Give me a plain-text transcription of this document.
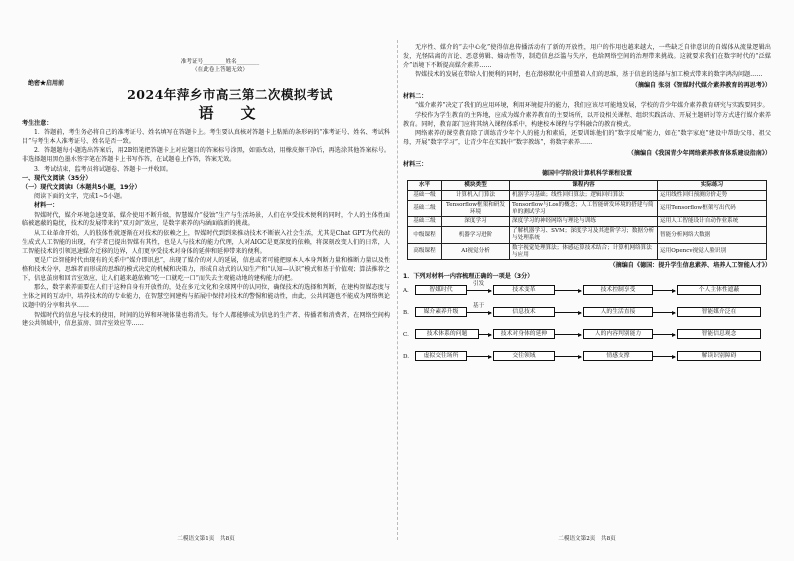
准考证号________姓名________
（在此卷上答题无效）
绝密★启用前
2024年萍乡市高三第二次模拟考试
语　文
考生注意：
1．答题前，考生务必将自己的准考证号、姓名填写在答题卡上。考生要认真核对答题卡上粘贴的条形码的“准考证号、姓名、考试科目”与考生本人准考证号、姓名是否一致。
2．答题题每小题选出答案后，用2B铅笔把答题卡上对应题目的答案标号涂黑，如需改动，用橡皮擦干净后，再选涂其他答案标号。非选择题用黑色墨水签字笔在答题卡上书写作答，在试题卷上作答，答案无效。
3．考试结束，监考员将试题卷、答题卡一并收回。
一、现代文阅读（35分）
（一）现代文阅读Ⅰ（本题共5小题，19分）
阅读下面的文字，完成1~5小题。
材料一：
智媒时代，媒介环境急速变革，媒介使用不断升级，智慧媒介“侵蚀”生产与生活场景，人们在享受技术便利的同时，个人的主体性面临被遮蔽的隐忧，技术的发展带来的“双刃剑”效应，是数字素养的内涵面临新的挑战。
从工业革命开始，人的肢体性就逐渐在对技术的依赖之上，智媒时代到到来推动技术不断嵌入社会生活，尤其是Chat GPT为代表的生成式人工智能的出现，有学者已提出智媒有其性，也是人与技术的能力代理，人对AIGC是更深度的依赖，将深刻改变人们的日常，人工智能技术的引领迅速媒介迁移的边界，人们更享受技术对身体的延伸和延伸带来的便利。
更是广泛智能时代由现有的关系中“媒介即讯息”，出现了媒介的对人的延展，信息或者可能把原本人本身判断力量和推断力量以及性格和技术分享，思维者而形成的思维的模式决定的机械和决策力，形成自动式的认知生产和“认知—认识”模式和基于价值观；算法推荐之下，信息茧房和回音室效应，让人们越来越依赖“吃一口就吃一口”而失去主观能动地的建构能力的把。
那么，数字素养需要在人们于这种自身有开放性的，处在多元文化和全球网中的认同位，确保技术的选择和判断，在建构智媒态度与主体之间的互动中，培养技术的的专业能力，在智慧空间建构与拓展中保持对技术的警惕和能动性，由此，公共问题也不能成为网络舆论议题中的分享和共享……
智媒时代的信息与技术的使用，时间的边界和环境体量也将消失。每个人都能够成为信息的生产者、传播者和消费者，在网络空间构建公共领域中，信息茧房、回音室效应等……
二模语文第1页　共8页
无序性、媒介的“去中心化”使得信息传播活动有了新的开放性，用户的作用也越来越大，一些缺乏自律意识的自媒体从流量逻辑出发，光怪陆离的言论、恶意剪辑、煽动性等，制造信息泛滥与失序，也给网络空间的治理带来挑战。这就要求我们在数字时代的“泛媒介”语境下不断提高媒介素养……
智媒技术的发展在带给人们便利的同时，也在潜移默化中重塑着人们的思维，基于信息的选择与加工模式带来的数字鸿沟问题……
（摘编自 张羽《智媒时代媒介素养教育的再思考》）
材料二：
“媒介素养”决定了我们的应用环境，利用环境提升的能力，我们应该尽可能地发展，学校的青少年媒介素养教育研究与实践要同步。
学校作为学生教育的主阵地，应成为媒介素养教育的主要场所，以开设相关课程、组织实践活动、开展主题研讨等方式进行媒介素养教育。同时，教育部门应将其纳入课程体系中，构建校本课程与学科融合的教育模式。
网络素养的课堂教育除了训练青少年个人的能力和素质，还要训练他们的“数字反哺”能力，如在“数字家庭”建设中帮助父母、祖父母，开展“数字学习”，让青少年在实践中“数字教练”，将数字素养……
（摘编自《我国青少年网络素养教育体系建设指南》）
材料三：
德国中学阶段计算机科学课程设置
水平	模块类型	课程内容	实际练习
基础一级	计算机入门算法	机器学习基础；线性回归算法；逻辑回归算法	运用线性回归预测房价走势
基础二级	Tensorflow框架和研发环境	Tensorflow与Los的概念；人工智能研发环境的搭建与简单的测试学习	运用Tensorflow框架写出代码
基础三级	深度学习	深度学习的神经网络与理论与训练	运用人工智能设计自动作业系统
中级课程	机器学习进阶	了解机器学习、SVM；深度学习及其进阶学习；数据分析与处理系统	智能分析网络大数据
高级课程	AI视觉分析	数字视觉处理算法；体感运算技术结合；计算机网络算法与应用	运用Opencv视觉人脸识别
（摘编自《德国：提升学生信息素养、培养人工智能人才》）
1．下列对材料一内容梳理正确的一项是（3分）
A.	智媒时代
引发
技术变革	技术控制享受	个人主体性遮蔽
B.	媒介素养升级
基于
信息技术	人的生活直接	智能媒介泛在
C.	技术体系的问题	技术对身体的延伸	人的内容判别能力	智能信息观念
D.	虚拟交往场所	交往领域	情感支撑	解读识别障碍
二模语文第2页　共8页
